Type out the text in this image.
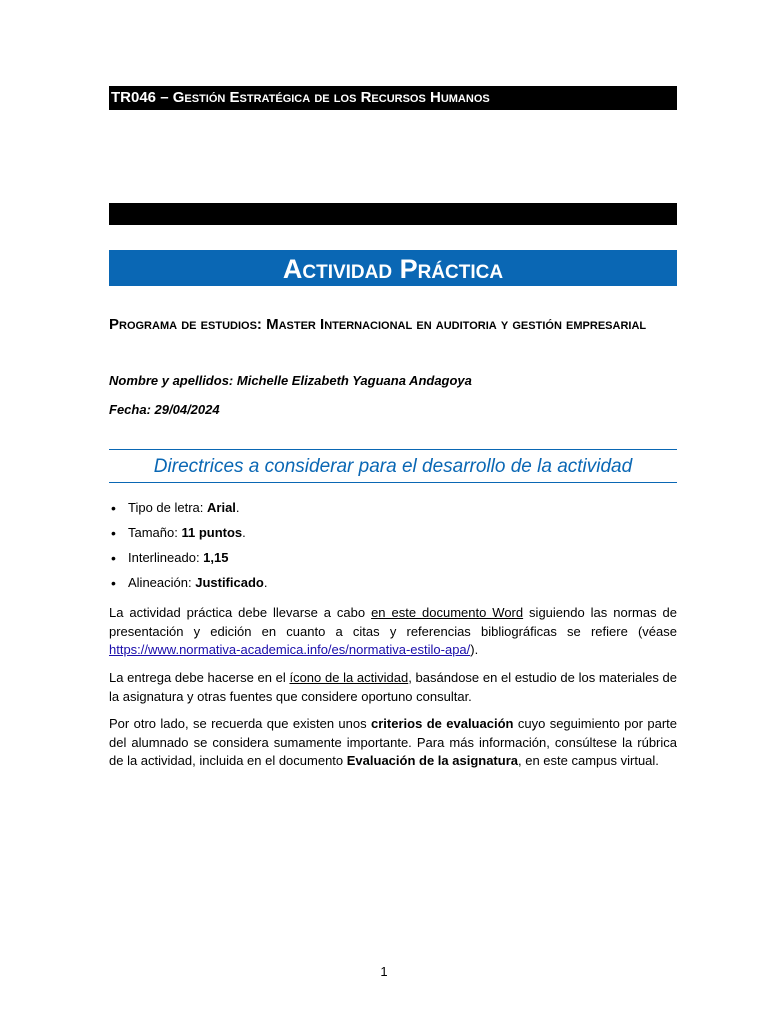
TR046 – Gestión Estratégica de los Recursos Humanos
Actividad Práctica
Programa de estudios: Master Internacional en auditoria y gestión empresarial
Nombre y apellidos: Michelle Elizabeth Yaguana Andagoya
Fecha: 29/04/2024
Directrices a considerar para el desarrollo de la actividad
• Tipo de letra: Arial.
• Tamaño: 11 puntos.
• Interlineado: 1,15
• Alineación: Justificado.

La actividad práctica debe llevarse a cabo en este documento Word siguiendo las normas de presentación y edición en cuanto a citas y referencias bibliográficas se refiere (véase https://www.normativa-academica.info/es/normativa-estilo-apa/).

La entrega debe hacerse en el ícono de la actividad, basándose en el estudio de los materiales de la asignatura y otras fuentes que considere oportuno consultar.

Por otro lado, se recuerda que existen unos criterios de evaluación cuyo seguimiento por parte del alumnado se considera sumamente importante. Para más información, consúltese la rúbrica de la actividad, incluida en el documento Evaluación de la asignatura, en este campus virtual.

1
